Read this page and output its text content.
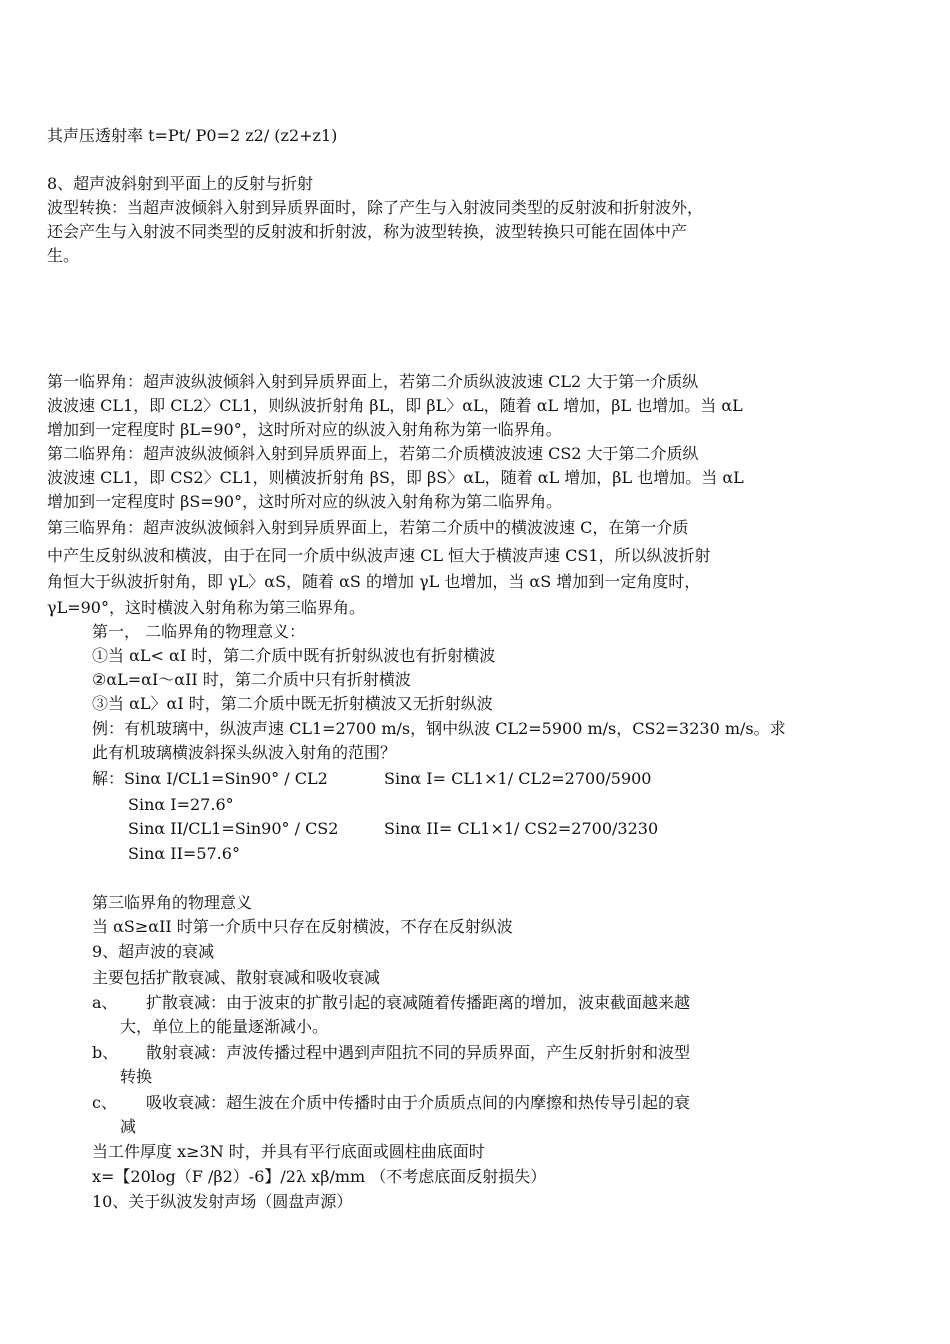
其声压透射率 t=Pt/ P0=2 z2/ (z2+z1)
8、超声波斜射到平面上的反射与折射
波型转换：当超声波倾斜入射到异质界面时，除了产生与入射波同类型的反射波和折射波外，
还会产生与入射波不同类型的反射波和折射波，称为波型转换，波型转换只可能在固体中产
生。
第一临界角：超声波纵波倾斜入射到异质界面上，若第二介质纵波波速 CL2 大于第一介质纵
波波速 CL1，即 CL2〉CL1，则纵波折射角 βL，即 βL〉αL，随着 αL 增加，βL 也增加。当 αL
增加到一定程度时 βL=90°，这时所对应的纵波入射角称为第一临界角。
第二临界角：超声波纵波倾斜入射到异质界面上，若第二介质横波波速 CS2 大于第二介质纵
波波速 CL1，即 CS2〉CL1，则横波折射角 βS，即 βS〉αL，随着 αL 增加，βL 也增加。当 αL
增加到一定程度时 βS=90°，这时所对应的纵波入射角称为第二临界角。
第三临界角：超声波纵波倾斜入射到异质界面上，若第二介质中的横波波速 C，在第一介质
中产生反射纵波和横波，由于在同一介质中纵波声速 CL 恒大于横波声速 CS1，所以纵波折射
角恒大于纵波折射角，即 γL〉αS，随着 αS 的增加 γL 也增加，当 αS 增加到一定角度时，
γL=90°，这时横波入射角称为第三临界角。
第一， 二临界角的物理意义：
①当 αL< αI 时，第二介质中既有折射纵波也有折射横波
②αL=αI～αII 时，第二介质中只有折射横波
③当 αL〉αI 时，第二介质中既无折射横波又无折射纵波
例：有机玻璃中，纵波声速 CL1=2700 m/s，钢中纵波 CL2=5900 m/s，CS2=3230 m/s。求
此有机玻璃横波斜探头纵波入射角的范围？
解：Sinα I/CL1=Sin90° / CL2	Sinα I= CL1×1/ CL2=2700/5900
Sinα I=27.6°
Sinα II/CL1=Sin90° / CS2	Sinα II= CL1×1/ CS2=2700/3230
Sinα II=57.6°
第三临界角的物理意义
当 αS≥αII 时第一介质中只存在反射横波，不存在反射纵波
9、超声波的衰减
主要包括扩散衰减、散射衰减和吸收衰减
a、 扩散衰减：由于波束的扩散引起的衰减随着传播距离的增加，波束截面越来越
大，单位上的能量逐渐减小。
b、 散射衰减：声波传播过程中遇到声阻抗不同的异质界面，产生反射折射和波型
转换
c、 吸收衰减：超生波在介质中传播时由于介质质点间的内摩擦和热传导引起的衰
减
当工件厚度 x≥3N 时，并具有平行底面或圆柱曲底面时
x=【20log（F /β2）-6】/2λ xβ/mm （不考虑底面反射损失）
10、关于纵波发射声场（圆盘声源）
